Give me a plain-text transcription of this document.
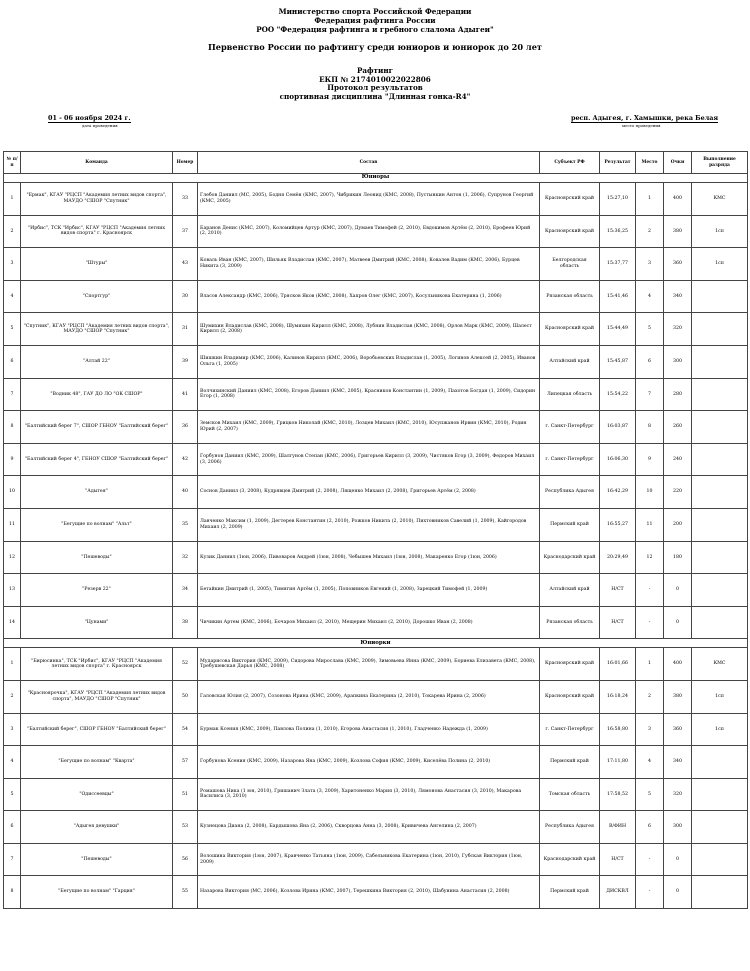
Министерство спорта Российской Федерации
Федерация рафтинга России
РОО "Федерация рафтинга и гребного слалома Адыгеи"
Первенство России по рафтингу среди юниоров и юниорок до 20 лет
Рафтинг
ЕКП № 2174010022022806
Протокол результатов
спортивная дисциплина "Длинная гонка-R4"
01 - 06 ноября 2024 г.
дата проведения
респ. Адыгея, г. Хамышки, река Белая
место проведения
№ п/п	Команда	Номер	Состав	Субъект РФ	Результат	Место	Очки	Выполнение разряда
Юниоры								
1	"Ермак", КГАУ "РЦСП "Академия летних видов спорта", МАУДО "СШОР "Спутник"	33	Глебов Даниил (МС, 2005), Бодня Семён (КМС, 2007), Чибрикин Леонид (КМС, 2008), Пустынкин Антон (1, 2006), Супрунов Георгий (КМС, 2005)	Красноярский край	15:27,10	1	400	КМС
2	"Ирбис", ТСК "Ирбис", КГАУ "РЦСП "Академия летних видов спорта" г. Красноярск	37	Баранов Денис (КМС, 2007), Коломийцев Артур (КМС, 2007), Думаев Тимофей (2, 2010), Евдокимов Артём (2, 2010), Ерофеев Юрий (2, 2010)	Красноярский край	15:36,25	2	380	1сп
3	"Штуры"	43	Коваль Иван (КМС, 2007), Шильяк Владислав (КМС, 2007), Матвеев Дмитрий (КМС, 2008), Ковалев Вадим (КМС, 2006), Бурцев Никита (3, 2009)	Белгородская область	15:37,77	3	360	1сп
4	"Спортгур"	30	Власов Александр (КМС, 2006), Трясков Яков (КМС, 2008), Хапров Олег (КМС, 2007), Косульникова Екатерина (1, 2006)	Рязанская область	15:41,46	4	340	
5	"Спутник", КГАУ "РЦСП "Академия летних видов спорта", МАУДО "СШОР "Спутник"	31	Шумихин Владислав (КМС, 2008), Шумихин Кирилл (КМС, 2008), Лубнин Владислав (КМС, 2008), Орлов Марк (КМС, 2009), Шалест Кирилл (2, 2008)	Красноярский край	15:44,49	5	320	
6	"Алтай 22"	39	Шишкин Владимир (КМС, 2006), Калинов Кирилл (КМС, 2006), Воробьевских Владислав (1, 2005), Логинов Алексей (2, 2005), Иванов Ольга (1, 2005)	Алтайский край	15:45,87	6	300	
7	"Водник 48", ГАУ ДО ЛО "ОК СШОР"	41	Волчихинский Даниил (КМС, 2008), Егоров Даниил (КМС, 2005), Красников Константин (1, 2009), Пахотов Богдан (1, 2009), Сидорин Егор (1, 2008)	Липецкая область	15:54,22	7	280	
8	"Балтийский берег 7", СШОР ГБНОУ "Балтийский берег"	36	Земсков Михаил (КМС, 2009), Грицков Николай (КМС, 2010), Лозцев Михаил (КМС, 2010), Юсупжанов Ирвин (КМС, 2010), Родин Юрий (2, 2007)	г. Санкт-Петербург	16:03,87	8	260	
9	"Балтийский берег 4", ГБНОУ СШОР "Балтийский берег"	42	Горбунов Даниил (КМС, 2009), Шалгунов Степан (КМС, 2006), Григорьев Кирилл (3, 2009), Чистяков Егор (3, 2009), Федоров Михаил (3, 2006)	г. Санкт-Петербург	16:06,30	9	240	
10	"Адыгея"	40	Соснов Даниил (3, 2008), Кудрявцев Дмитрий (2, 2008), Лященко Михаил (2, 2008), Григорьев Артём (2, 2008)	Республика Адыгея	16:42,29	10	220	
11	"Бегущие по волнам" "Альт"	35	Лавченко Максим (1, 2009), Дегтерев Константин (2, 2010), Рожков Никита (2, 2010), Пихтовников Савелий (1, 2009), Кайгородов Михаил (2, 2009)	Пермский край	16:55,27	11	200	
12	"Пешеводы"	32	Кузик Даниил (1юн, 2006), Пивоваров Андрей (1юн, 2008), Чебышев Михаил (1юн, 2008), Макаренко Егор (1юн, 2006)	Краснодарский край	20:29,49	12	180	
13	"Резерв 22"	34	Бетайкин Дмитрий (1, 2005), Тимягин Артём (1, 2005), Поповников Евгений (1, 2008), Зарецкий Тимофей (1, 2009)	Алтайский край	Н/СТ	-	0	
14	"Цунами"	38	Чичикин Артем (КМС, 2006), Бочаров Михаил (2, 2010), Мещерин Михаил (2, 2010), Дорошко Иван (2, 2008)	Рязанская область	Н/СТ	-	0	
Юниорки								
1	"Бирюсинка", ТСК "Ирбис", КГАУ "РЦСП "Академия летних видов спорта" г. Красноярск	52	Мударисова Виктория (КМС, 2009), Сидорова Мирослава (КМС, 2009), Зимовьева Инна (КМС, 2009), Бориева Елизавета (КМС, 2008), Требушевская Дарья (КМС, 2008)	Красноярский край	16:01,66	1	400	КМС
2	"Красноярочка", КГАУ "РЦСП "Академия летних видов спорта", МАУДО "СШОР "Спутник"	50	Галовская Юлия (2, 2007), Созонова Ирина (КМС, 2009), Арапкина Екатерина (2, 2010), Токарева Ирина (2, 2006)	Красноярский край	16:18,24	2	380	1сп
3	"Балтийский берег", СШОР ГБНОУ "Балтийский берег"	54	Бурмак Ксения (КМС, 2009), Павлова Полина (1, 2010), Егорова Анастасия (1, 2010), Гладченко Надежда (1, 2009)	г. Санкт-Петербург	16:58,80	3	360	1сп
4	"Бегущие по волнам" "Кварта"	57	Горбунова Ксения (КМС, 2009), Назарова Яна (КМС, 2009), Козлова София (КМС, 2009), Киселёва Полина (2, 2010)	Пермский край	17:11,80	4	340	
5	"Одиссеевцы"	51	Ромашова Ника (1 юн, 2010), Гришанич Злата (3, 2009), Харитоненко Мария (3, 2010), Лямонова Анастасия (3, 2010), Макарова Василиса (3, 2010)	Томская область	17:58,52	5	320	
6	"Адыгея девушки"	53	Кузнецова Диана (2, 2008), Бардышова Яна (2, 2006), Скворцова Анна (3, 2008), Кривичева Ангелина (2, 2007)	Республика Адыгея	В/ФИН	6	300	
7	"Пешеводы"	56	Волошина Виктория (1юн, 2007), Кравченко Татьяна (1юн, 2009), Сабельникова Екатерина (1юн, 2010), Губская Виктория (1юн, 2009)	Краснодарский край	Н/СТ	-	0	
8	"Бегущие по волнам" "Гарция"	55	Назарова Виктория (МС, 2006), Козлова Ирина (КМС, 2007), Терешкина Виктория (2, 2010), Шабунина Анастасия (2, 2008)	Пермский край	ДИСКВЛ	-	0	
